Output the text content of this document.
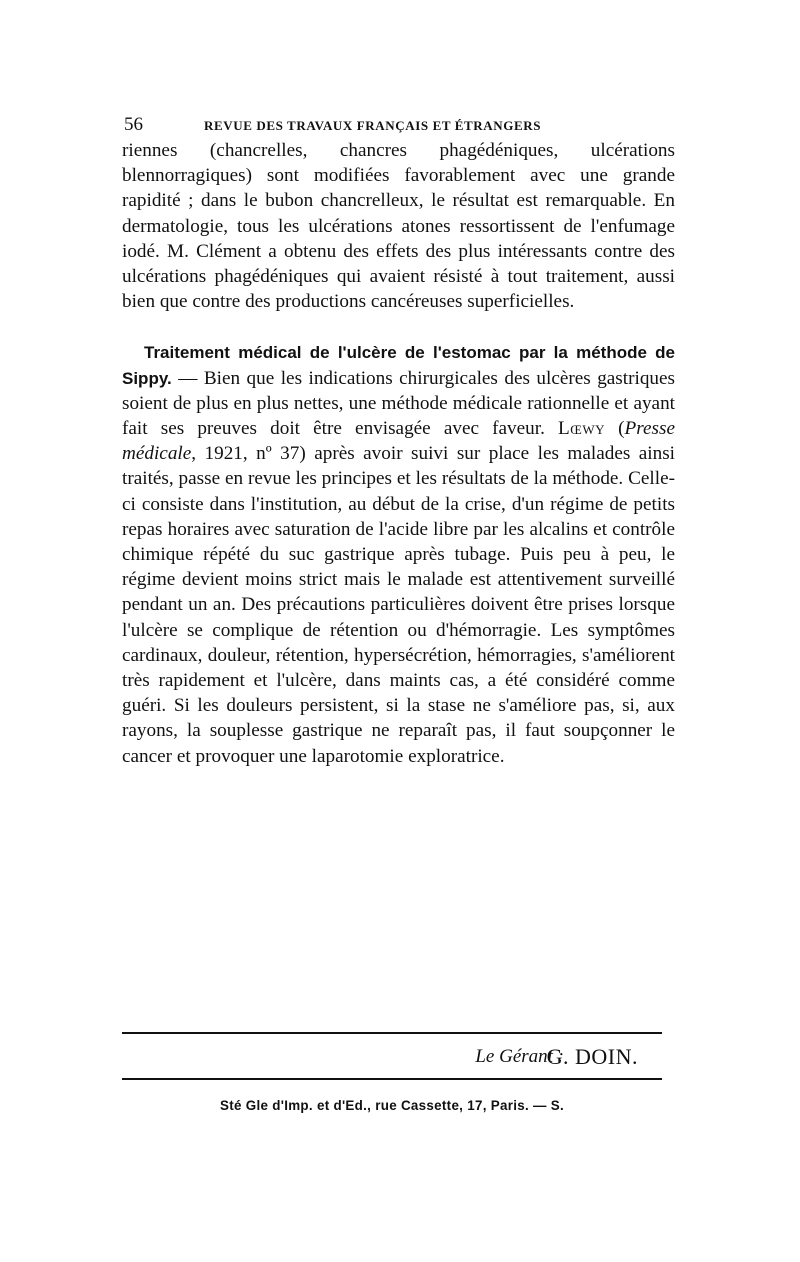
56	REVUE DES TRAVAUX FRANÇAIS ET ÉTRANGERS

riennes (chancrelles, chancres phagédéniques, ulcérations blennorragiques) sont modifiées favorablement avec une grande rapidité ; dans le bubon chancrelleux, le résultat est remarquable. En dermatologie, tous les ulcérations atones ressortissent de l'enfumage iodé. M. Clément a obtenu des effets des plus intéressants contre des ulcérations phagédéniques qui avaient résisté à tout traitement, aussi bien que contre des productions cancéreuses superficielles.

Traitement médical de l'ulcère de l'estomac par la méthode de Sippy. — Bien que les indications chirurgicales des ulcères gastriques soient de plus en plus nettes, une méthode médicale rationnelle et ayant fait ses preuves doit être envisagée avec faveur. Lœwy (Presse médicale, 1921, nº 37) après avoir suivi sur place les malades ainsi traités, passe en revue les principes et les résultats de la méthode. Celle-ci consiste dans l'institution, au début de la crise, d'un régime de petits repas horaires avec saturation de l'acide libre par les alcalins et contrôle chimique répété du suc gastrique après tubage. Puis peu à peu, le régime devient moins strict mais le malade est attentivement surveillé pendant un an. Des précautions particulières doivent être prises lorsque l'ulcère se complique de rétention ou d'hémorragie. Les symptômes cardinaux, douleur, rétention, hypersécrétion, hémorragies, s'améliorent très rapidement et l'ulcère, dans maints cas, a été considéré comme guéri. Si les douleurs persistent, si la stase ne s'améliore pas, si, aux rayons, la souplesse gastrique ne reparaît pas, il faut soupçonner le cancer et provoquer une laparotomie exploratrice.

Le Gérant :
G. DOIN.
Sté Gle d'Imp. et d'Ed., rue Cassette, 17, Paris. — S.
